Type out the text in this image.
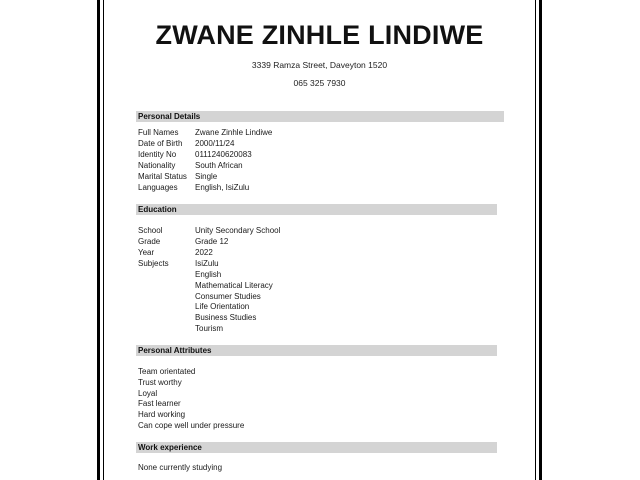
ZWANE ZINHLE LINDIWE
3339 Ramza Street, Daveyton 1520
065 325 7930
Personal Details
Full Names	Zwane Zinhle Lindiwe
Date of Birth	2000/11/24
Identity No	0111240620083
Nationality	South African
Marital Status	Single
Languages	English, IsiZulu
Education
School	Unity Secondary School
Grade	Grade 12
Year	2022
Subjects	IsiZulu
English
Mathematical Literacy
Consumer Studies
Life Orientation
Business Studies
Tourism
Personal Attributes
Team orientated
Trust worthy
Loyal
Fast learner
Hard working
Can cope well under pressure
Work experience
None currently studying
